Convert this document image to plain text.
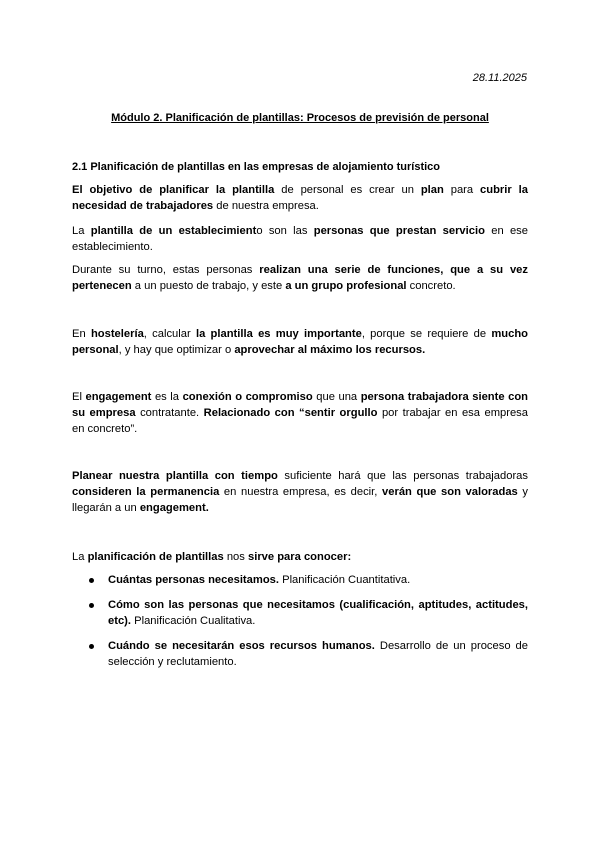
28.11.2025
Módulo 2. Planificación de plantillas: Procesos de previsión de personal
2.1 Planificación de plantillas en las empresas de alojamiento turístico

El objetivo de planificar la plantilla de personal es crear un plan para cubrir la necesidad de trabajadores de nuestra empresa.

La plantilla de un establecimiento son las personas que prestan servicio en ese establecimiento.

Durante su turno, estas personas realizan una serie de funciones, que a su vez pertenecen a un puesto de trabajo, y este a un grupo profesional concreto.

En hostelería, calcular la plantilla es muy importante, porque se requiere de mucho personal, y hay que optimizar o aprovechar al máximo los recursos.

El engagement es la conexión o compromiso que una persona trabajadora siente con su empresa contratante. Relacionado con “sentir orgullo por trabajar en esa empresa en concreto”.

Planear nuestra plantilla con tiempo suficiente hará que las personas trabajadoras consideren la permanencia en nuestra empresa, es decir, verán que son valoradas y llegarán a un engagement.

La planificación de plantillas nos sirve para conocer:

Cuántas personas necesitamos. Planificación Cuantitativa.
Cómo son las personas que necesitamos (cualificación, aptitudes, actitudes, etc). Planificación Cualitativa.
Cuándo se necesitarán esos recursos humanos. Desarrollo de un proceso de selección y reclutamiento.
